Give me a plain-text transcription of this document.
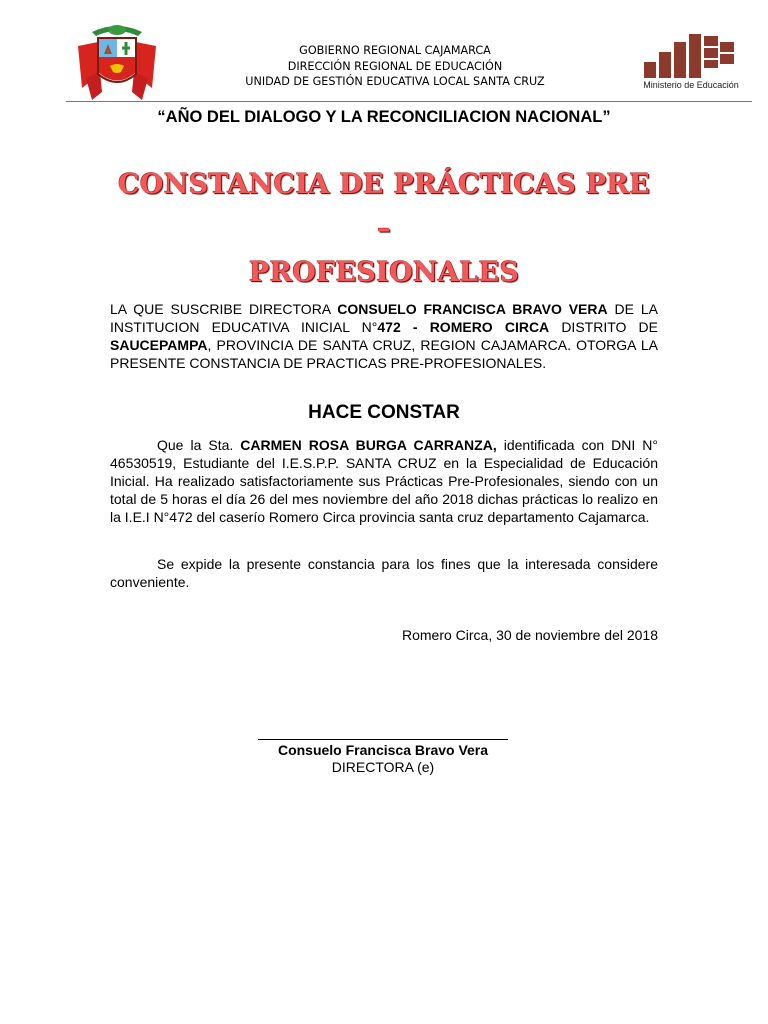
Ministerio de Educación
GOBIERNO REGIONAL CAJAMARCA
DIRECCIÓN REGIONAL DE EDUCACIÓN
UNIDAD DE GESTIÓN EDUCATIVA LOCAL SANTA CRUZ
“AÑO DEL DIALOGO Y LA RECONCILIACION NACIONAL”
CONSTANCIA DE PRÁCTICAS PRE –
PROFESIONALES

LA QUE SUSCRIBE DIRECTORA CONSUELO FRANCISCA BRAVO VERA DE LA INSTITUCION EDUCATIVA INICIAL N°472 - ROMERO CIRCA DISTRITO DE SAUCEPAMPA, PROVINCIA DE SANTA CRUZ, REGION CAJAMARCA. OTORGA LA PRESENTE CONSTANCIA DE PRACTICAS PRE-PROFESIONALES.

HACE CONSTAR

Que la Sta. CARMEN ROSA BURGA CARRANZA, identificada con DNI N° 46530519, Estudiante del I.E.S.P.P. SANTA CRUZ en la Especialidad de Educación Inicial. Ha realizado satisfactoriamente sus Prácticas Pre-Profesionales, siendo con un total de 5 horas el día 26 del mes noviembre del año 2018 dichas prácticas lo realizo en la I.E.I N°472 del caserío Romero Circa provincia santa cruz departamento Cajamarca.

Se expide la presente constancia para los fines que la interesada considere conveniente.

Romero Circa, 30 de noviembre del 2018
Consuelo Francisca Bravo Vera
DIRECTORA (e)
